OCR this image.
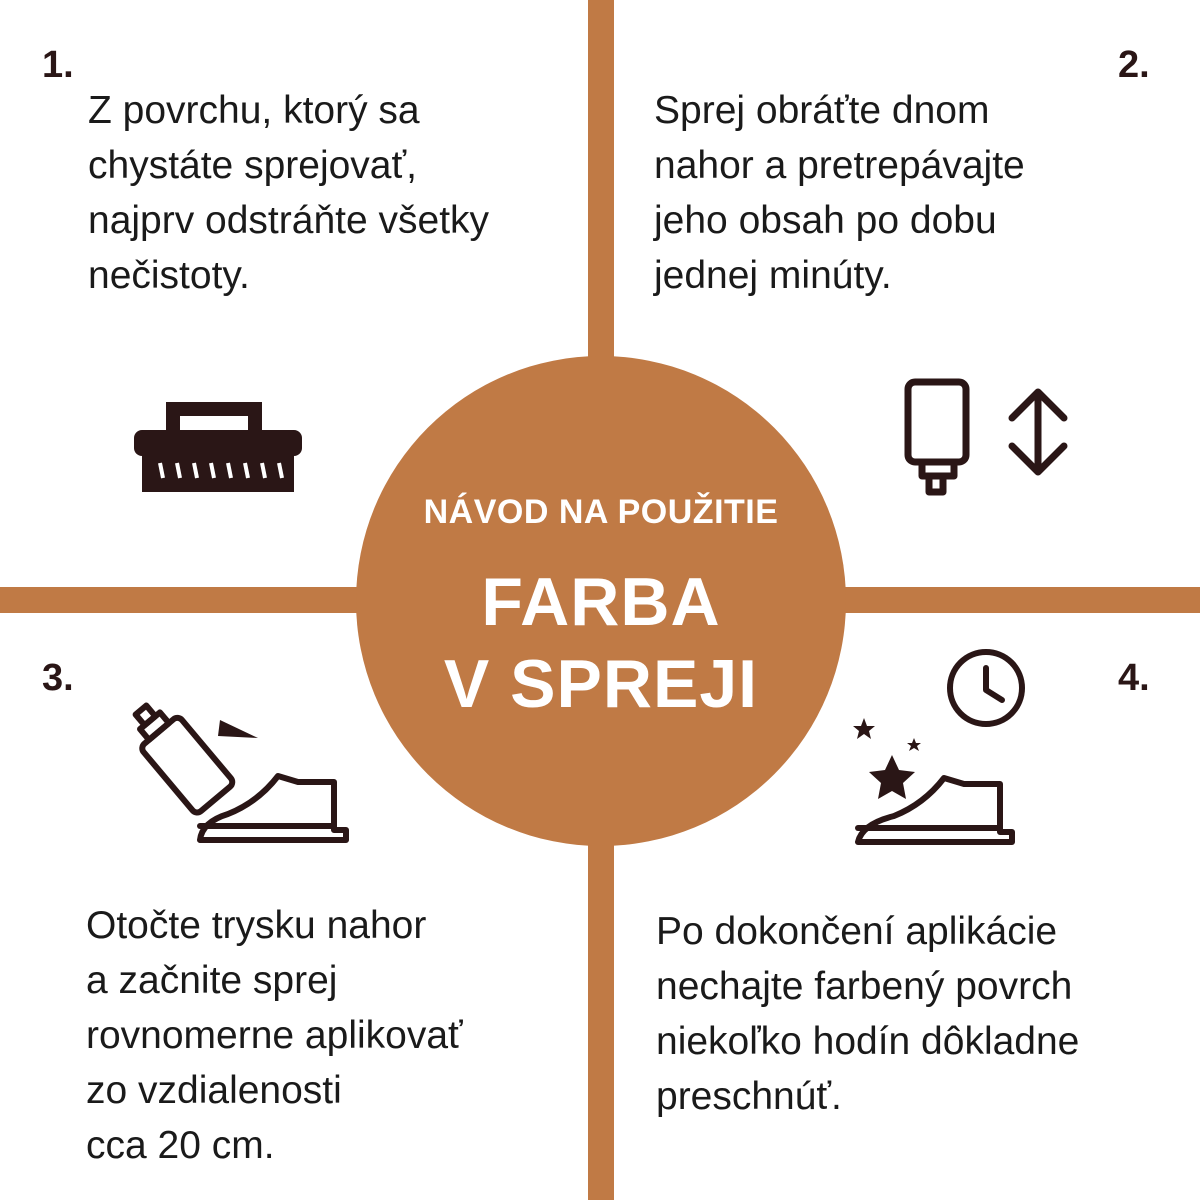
1.
Z povrchu, ktorý sa
chystáte sprejovať,
najprv odstráňte všetky
nečistoty.
2.
Sprej obráťte dnom
nahor a pretrepávajte
jeho obsah po dobu
jednej minúty.
3.
Otočte trysku nahor
a začnite sprej
rovnomerne aplikovať
zo vzdialenosti
cca 20 cm.
4.
Po dokončení aplikácie
nechajte farbený povrch
niekoľko hodín dôkladne
preschnúť.
NÁVOD NA POUŽITIE
FARBA
V SPREJI
